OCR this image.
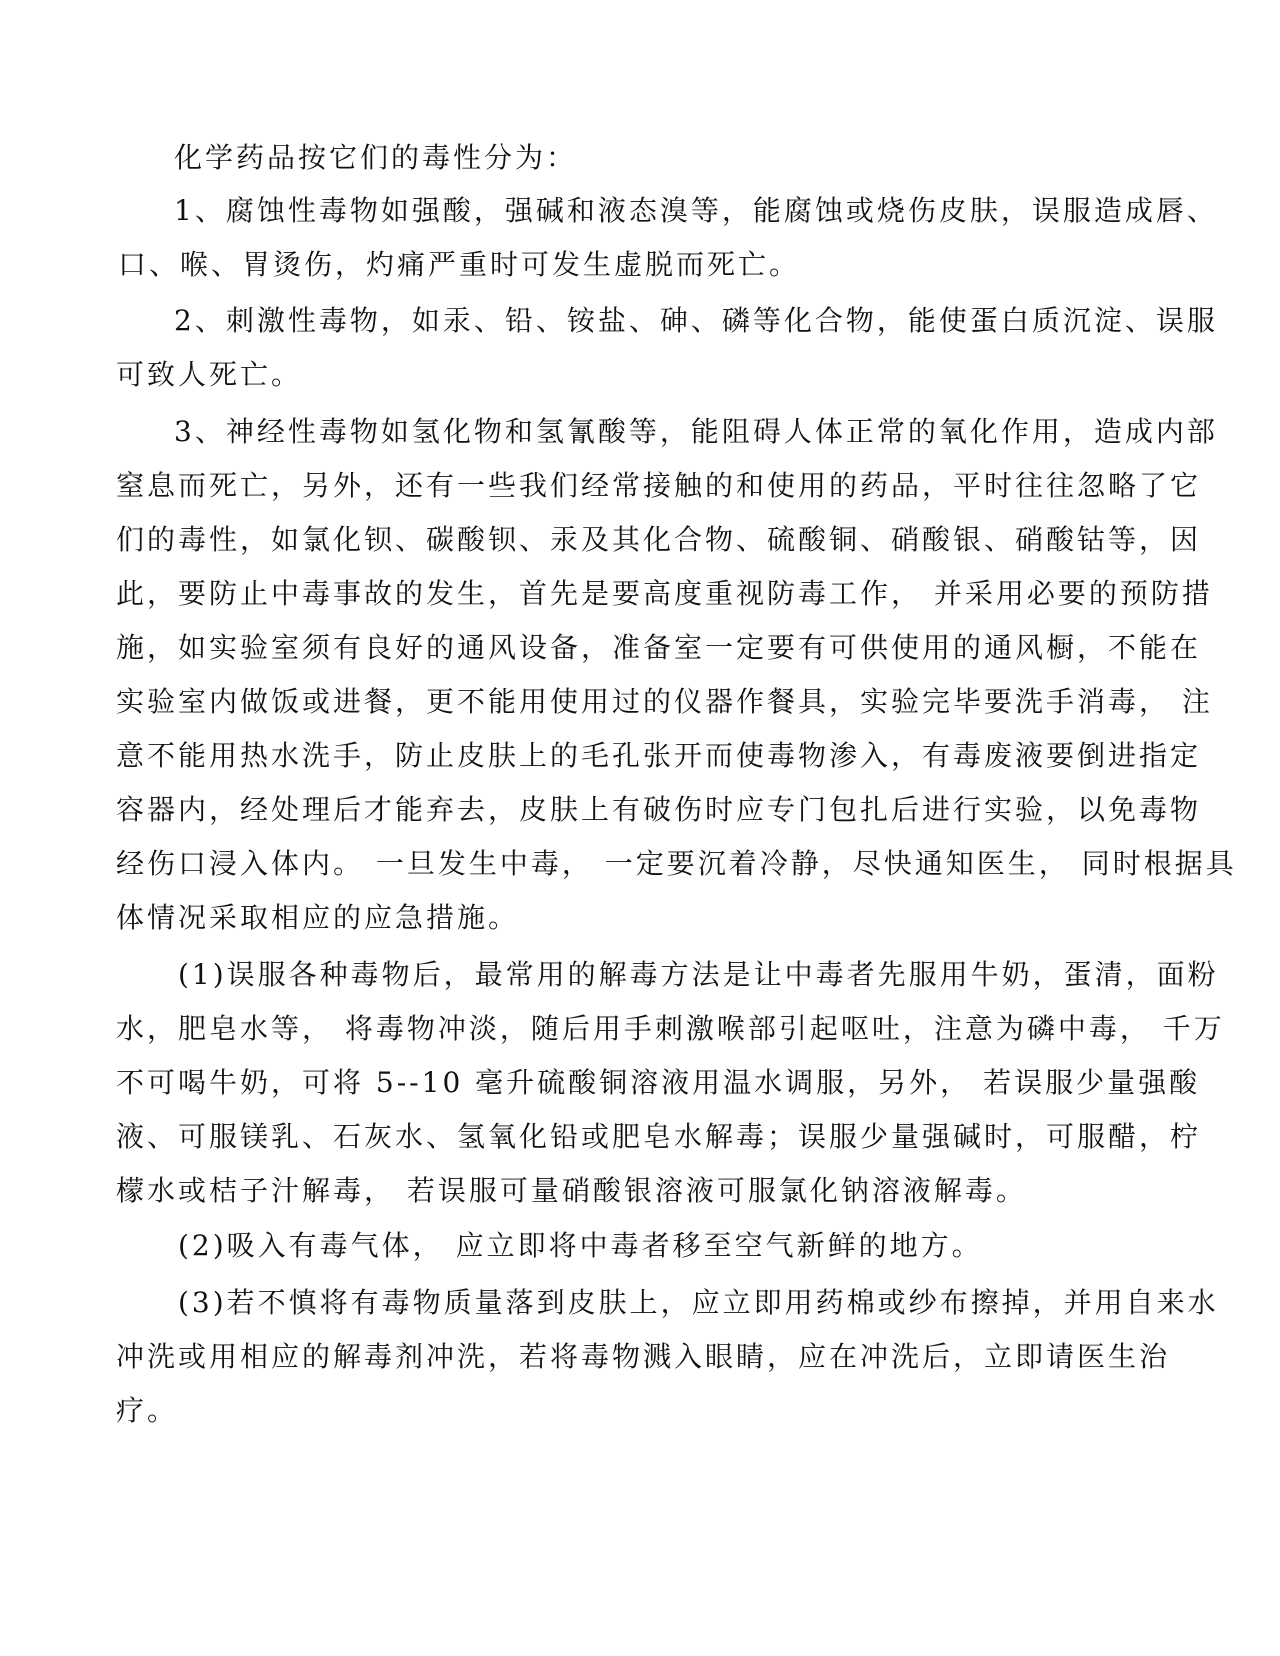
化学药品按它们的毒性分为：
1、腐蚀性毒物如强酸，强碱和液态溴等，能腐蚀或烧伤皮肤，误服造成唇、
口、喉、胃烫伤，灼痛严重时可发生虚脱而死亡。
2、刺激性毒物，如汞、铅、铵盐、砷、磷等化合物，能使蛋白质沉淀、误服
可致人死亡。
3、神经性毒物如氢化物和氢氰酸等，能阻碍人体正常的氧化作用，造成内部
窒息而死亡，另外，还有一些我们经常接触的和使用的药品，平时往往忽略了它
们的毒性，如氯化钡、碳酸钡、汞及其化合物、硫酸铜、硝酸银、硝酸钴等，因
此，要防止中毒事故的发生，首先是要高度重视防毒工作， 并采用必要的预防措
施，如实验室须有良好的通风设备，准备室一定要有可供使用的通风橱，不能在
实验室内做饭或进餐，更不能用使用过的仪器作餐具，实验完毕要洗手消毒， 注
意不能用热水洗手，防止皮肤上的毛孔张开而使毒物渗入，有毒废液要倒进指定
容器内，经处理后才能弃去，皮肤上有破伤时应专门包扎后进行实验，以免毒物
经伤口浸入体内。 一旦发生中毒， 一定要沉着冷静，尽快通知医生， 同时根据具
体情况采取相应的应急措施。
(1)误服各种毒物后，最常用的解毒方法是让中毒者先服用牛奶，蛋清，面粉
水，肥皂水等， 将毒物冲淡，随后用手刺激喉部引起呕吐，注意为磷中毒， 千万
不可喝牛奶，可将 5--10 毫升硫酸铜溶液用温水调服，另外， 若误服少量强酸
液、可服镁乳、石灰水、氢氧化铅或肥皂水解毒；误服少量强碱时，可服醋，柠
檬水或桔子汁解毒， 若误服可量硝酸银溶液可服氯化钠溶液解毒。
(2)吸入有毒气体， 应立即将中毒者移至空气新鲜的地方。
(3)若不慎将有毒物质量落到皮肤上，应立即用药棉或纱布擦掉，并用自来水
冲洗或用相应的解毒剂冲洗，若将毒物溅入眼睛，应在冲洗后，立即请医生治
疗。
